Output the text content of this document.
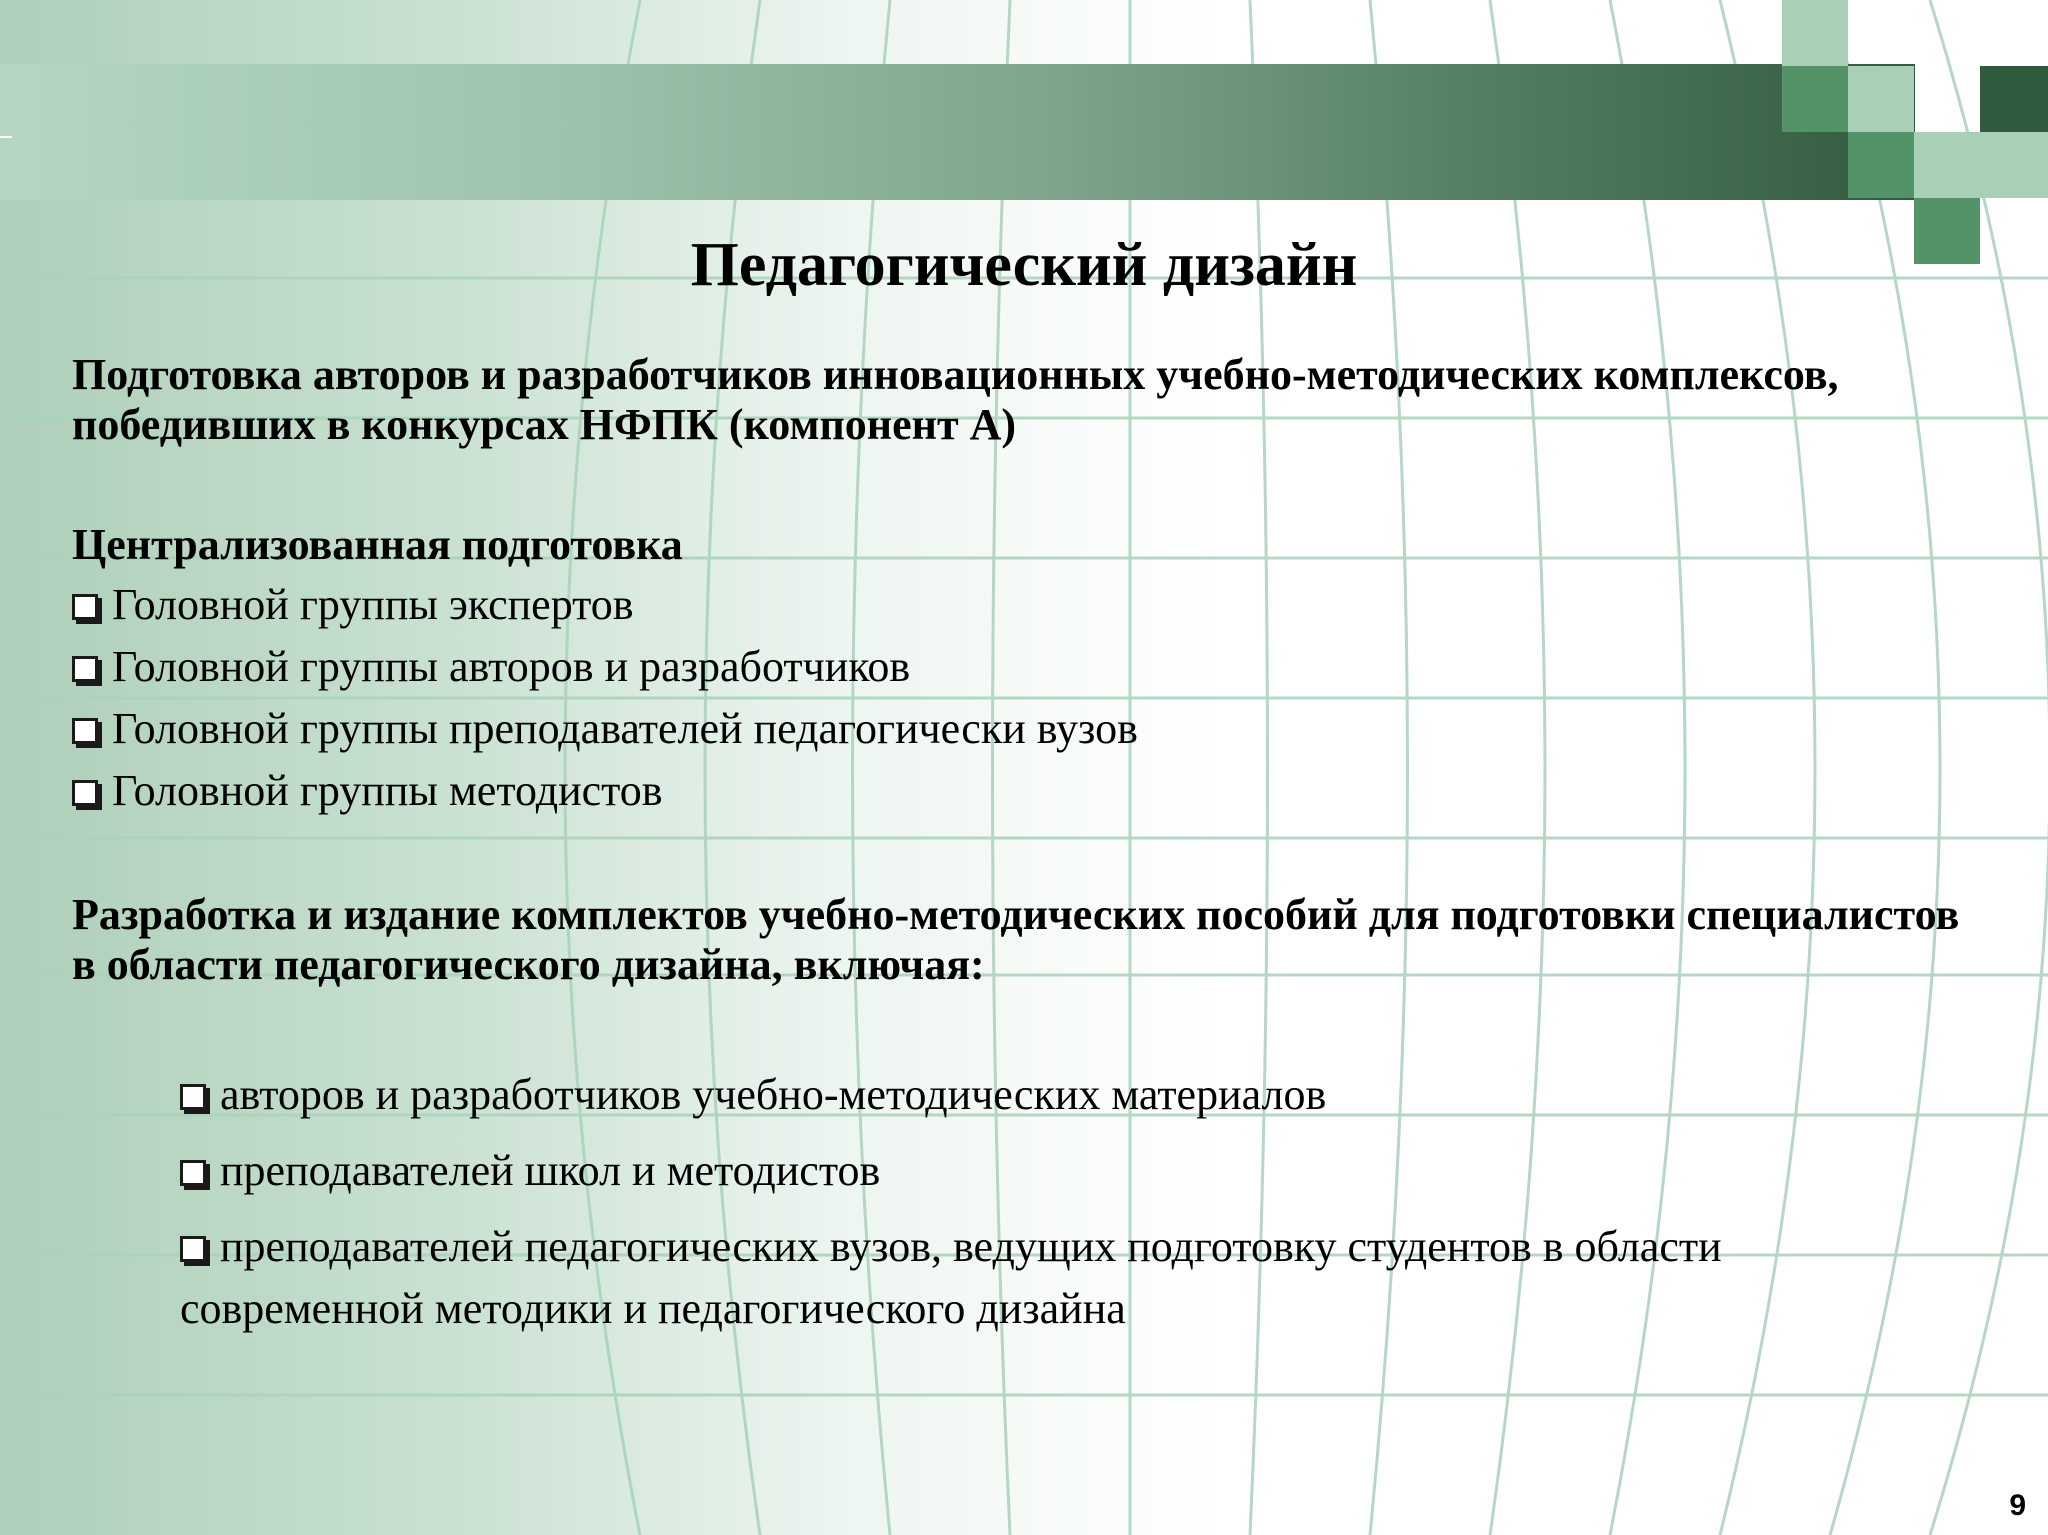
Педагогический дизайн
Подготовка авторов и разработчиков инновационных учебно-методических комплексов, победивших в конкурсах НФПК (компонент А)
Централизованная подготовка
Головной группы экспертов
Головной группы авторов и разработчиков
Головной группы преподавателей педагогически вузов
Головной группы методистов
Разработка и издание комплектов учебно-методических пособий для подготовки специалистов в области педагогического дизайна, включая:
авторов и разработчиков учебно-методических материалов
преподавателей школ и методистов
преподавателей педагогических вузов, ведущих подготовку студентов в области современной методики и педагогического дизайна
9
